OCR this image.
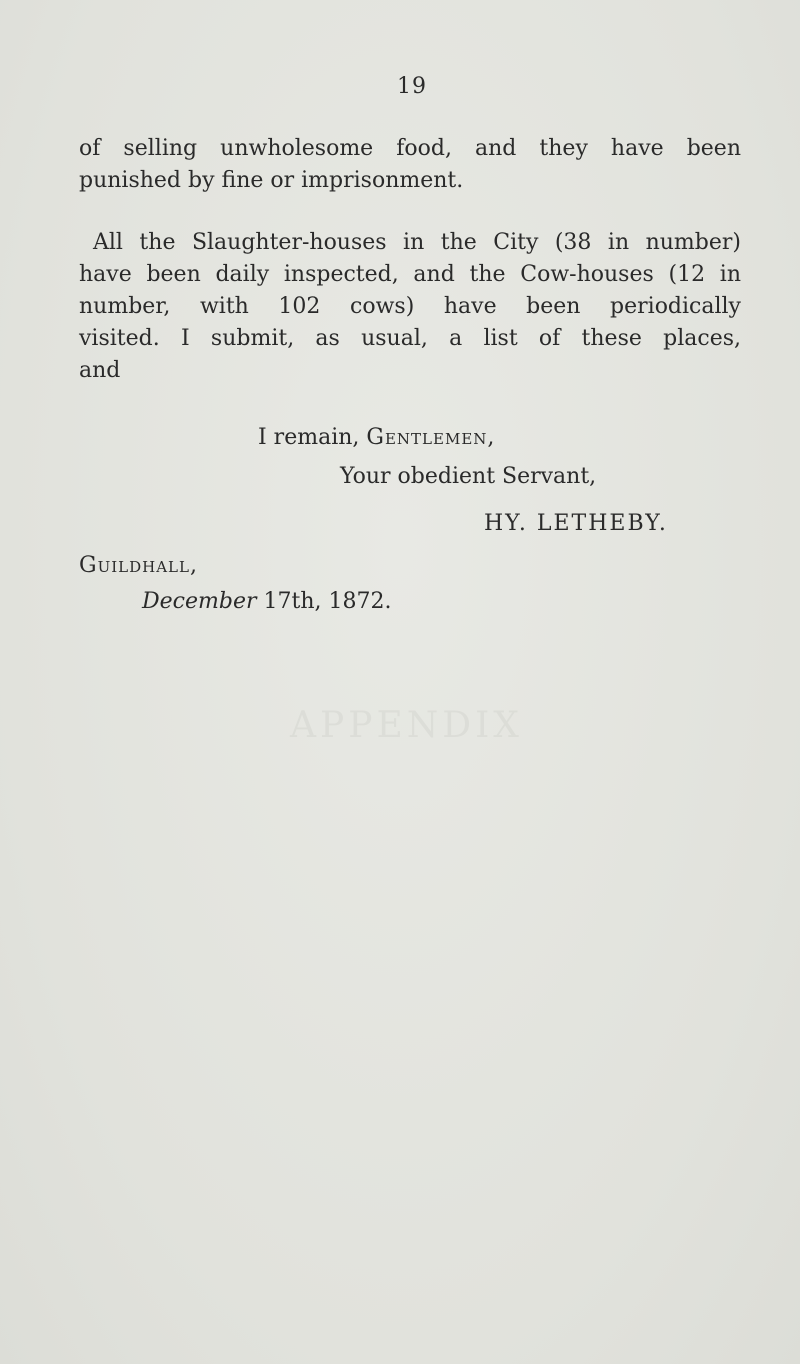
19

of selling unwholesome food, and they have been
punished by fine or imprisonment.

All the Slaughter-houses in the City (38 in number)
have been daily inspected, and the Cow-houses (12 in
number, with 102 cows) have been periodically
visited. I submit, as usual, a list of these places,
and

I remain, Gentlemen,
Your obedient Servant,
HY. LETHEBY.
Guildhall,
December 17th, 1872.
APPENDIX
